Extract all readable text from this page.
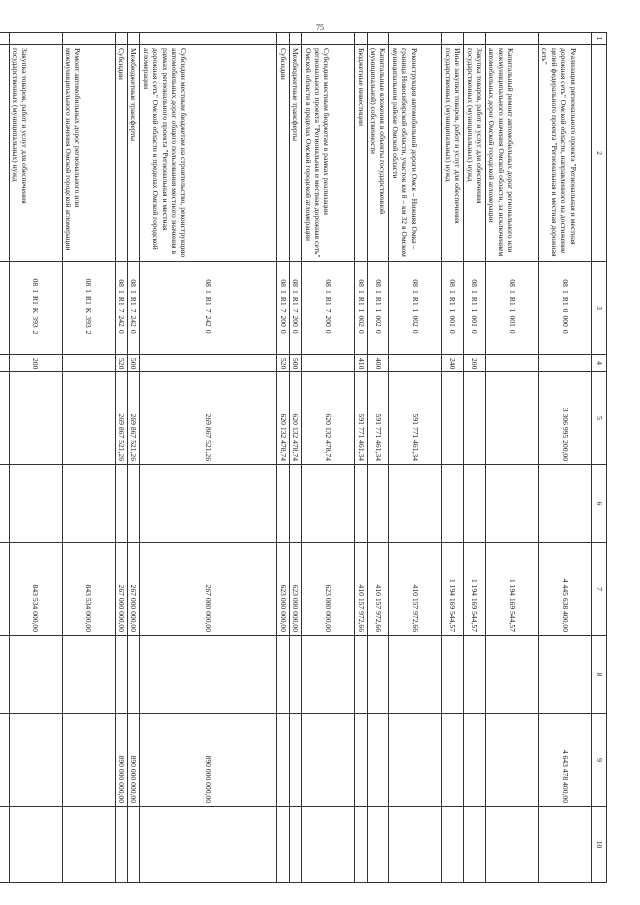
75
1	2	3	4	5	6	7	8	9	10
	Реализация регионального проекта "Региональная и местная дорожная сеть" Омской области, направленного на достижение целей федерального проекта "Региональная и местная дорожная сеть"	081R100000		3 306 995 200,00		4 445 638 400,00		4 643 478 400,00	
	Капитальный ремонт автомобильных дорог регионального или межмуниципального значения Омской области, за исключением автомобильных дорог Омской городской агломерации	081R110010				1 194 169 544,57			
	Закупка товаров, работ и услуг для обеспечения государственных (муниципальных) нужд	081R110010	200			1 194 169 544,57			
	Иные закупки товаров, работ и услуг для обеспечения государственных (муниципальных) нужд	081R110010	240			1 194 169 544,57			
	Реконструкция автомобильной дороги Омск – Нижняя Омка – граница Новосибирской области, участок км 8 – км 32 в Омском муниципальном районе Омской области	081R110020		591 771 461,34		410 157 972,66			
	Капитальные вложения в объекты государственной (муниципальной) собственности	081R110020	400	591 771 461,34		410 157 972,66			
	Бюджетные инвестиции	081R110020	410	591 771 461,34		410 157 972,66			
	Субсидии местным бюджетам в рамках реализации регионального проекта "Региональная и местная дорожная сеть" Омской области в пределах Омской городской агломерации	081R172000		620 132 478,74		623 000 000,00			
	Межбюджетные трансферты	081R172000	500	620 132 478,74		623 000 000,00			
	Субсидии	081R172000	520	620 132 478,74		623 000 000,00			
	Субсидии местным бюджетам на строительство, реконструкцию автомобильных дорог общего пользования местного значения в рамках регионального проекта "Региональная и местная дорожная сеть" Омской области в пределах Омской городской агломерации	081R172420		269 867 521,26		267 000 000,00		890 000 000,00	
	Межбюджетные трансферты	081R172420	500	269 867 521,26		267 000 000,00		890 000 000,00	
	Субсидии	081R172420	520	269 867 521,26		267 000 000,00		890 000 000,00	
	Ремонт автомобильных дорог регионального или межмуниципального значения Омской городской агломерации	081R1K3932				843 534 000,00			
	Закупка товаров, работ и услуг для обеспечения государственных (муниципальных) нужд	081R1K3932	200			843 534 000,00			
